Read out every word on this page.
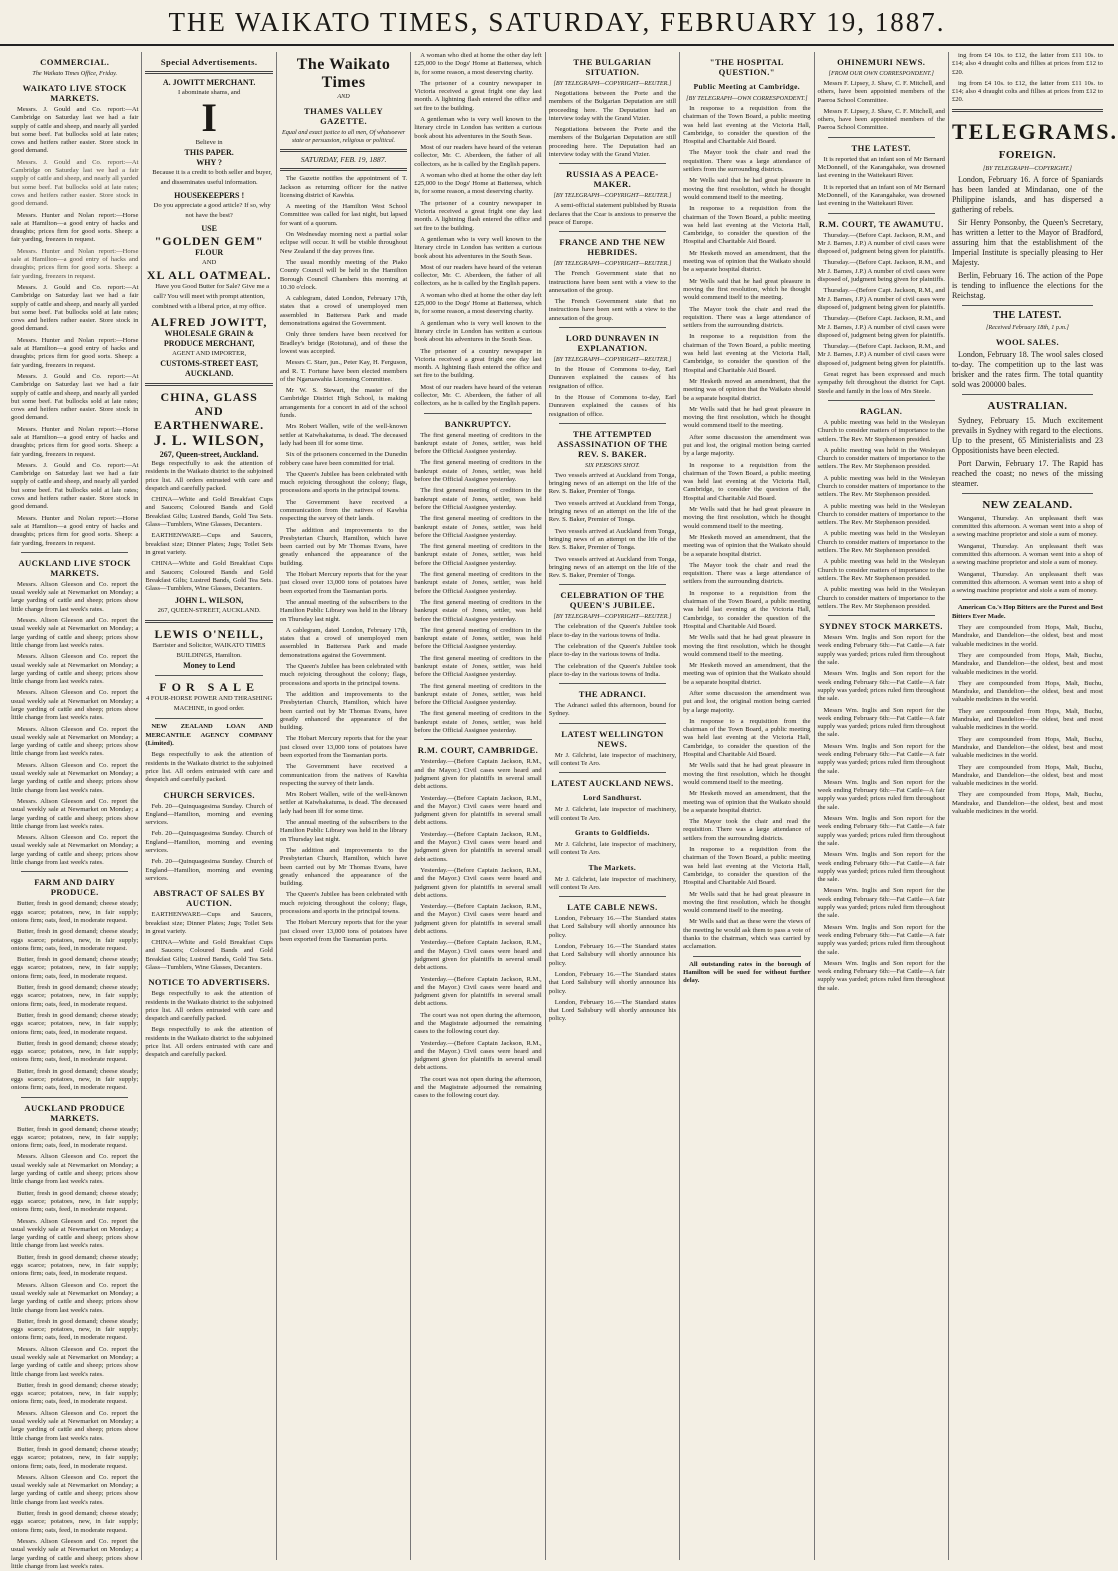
THE WAIKATO TIMES, SATURDAY, FEBRUARY 19, 1887.
COMMERCIAL.
The Waikato Times Office, Friday.
WAIKATO LIVE STOCK MARKETS.

Messrs. J. Gould and Co. report:—At Cambridge on Saturday last we had a fair supply of cattle and sheep, and nearly all yarded but some beef. Fat bullocks sold at late rates; cows and heifers rather easier. Store stock in good demand.

Messrs. J. Gould and Co. report:—At Cambridge on Saturday last we had a fair supply of cattle and sheep, and nearly all yarded but some beef. Fat bullocks sold at late rates; cows and heifers rather easier. Store stock in good demand.

Messrs. Hunter and Nolan report:—Horse sale at Hamilton—a good entry of hacks and draughts; prices firm for good sorts. Sheep: a fair yarding, freezers in request.

Messrs. Hunter and Nolan report:—Horse sale at Hamilton—a good entry of hacks and draughts; prices firm for good sorts. Sheep: a fair yarding, freezers in request.

Messrs. J. Gould and Co. report:—At Cambridge on Saturday last we had a fair supply of cattle and sheep, and nearly all yarded but some beef. Fat bullocks sold at late rates; cows and heifers rather easier. Store stock in good demand.

Messrs. Hunter and Nolan report:—Horse sale at Hamilton—a good entry of hacks and draughts; prices firm for good sorts. Sheep: a fair yarding, freezers in request.

Messrs. J. Gould and Co. report:—At Cambridge on Saturday last we had a fair supply of cattle and sheep, and nearly all yarded but some beef. Fat bullocks sold at late rates; cows and heifers rather easier. Store stock in good demand.

Messrs. Hunter and Nolan report:—Horse sale at Hamilton—a good entry of hacks and draughts; prices firm for good sorts. Sheep: a fair yarding, freezers in request.

Messrs. J. Gould and Co. report:—At Cambridge on Saturday last we had a fair supply of cattle and sheep, and nearly all yarded but some beef. Fat bullocks sold at late rates; cows and heifers rather easier. Store stock in good demand.

Messrs. Hunter and Nolan report:—Horse sale at Hamilton—a good entry of hacks and draughts; prices firm for good sorts. Sheep: a fair yarding, freezers in request.

AUCKLAND LIVE STOCK MARKETS.

Messrs. Alison Gleeson and Co. report the usual weekly sale at Newmarket on Monday; a large yarding of cattle and sheep; prices show little change from last week's rates.

Messrs. Alison Gleeson and Co. report the usual weekly sale at Newmarket on Monday; a large yarding of cattle and sheep; prices show little change from last week's rates.

Messrs. Alison Gleeson and Co. report the usual weekly sale at Newmarket on Monday; a large yarding of cattle and sheep; prices show little change from last week's rates.

Messrs. Alison Gleeson and Co. report the usual weekly sale at Newmarket on Monday; a large yarding of cattle and sheep; prices show little change from last week's rates.

Messrs. Alison Gleeson and Co. report the usual weekly sale at Newmarket on Monday; a large yarding of cattle and sheep; prices show little change from last week's rates.

Messrs. Alison Gleeson and Co. report the usual weekly sale at Newmarket on Monday; a large yarding of cattle and sheep; prices show little change from last week's rates.

Messrs. Alison Gleeson and Co. report the usual weekly sale at Newmarket on Monday; a large yarding of cattle and sheep; prices show little change from last week's rates.

Messrs. Alison Gleeson and Co. report the usual weekly sale at Newmarket on Monday; a large yarding of cattle and sheep; prices show little change from last week's rates.

FARM AND DAIRY PRODUCE.

Butter, fresh in good demand; cheese steady; eggs scarce; potatoes, new, in fair supply; onions firm; oats, feed, in moderate request.

Butter, fresh in good demand; cheese steady; eggs scarce; potatoes, new, in fair supply; onions firm; oats, feed, in moderate request.

Butter, fresh in good demand; cheese steady; eggs scarce; potatoes, new, in fair supply; onions firm; oats, feed, in moderate request.

Butter, fresh in good demand; cheese steady; eggs scarce; potatoes, new, in fair supply; onions firm; oats, feed, in moderate request.

Butter, fresh in good demand; cheese steady; eggs scarce; potatoes, new, in fair supply; onions firm; oats, feed, in moderate request.

Butter, fresh in good demand; cheese steady; eggs scarce; potatoes, new, in fair supply; onions firm; oats, feed, in moderate request.

Butter, fresh in good demand; cheese steady; eggs scarce; potatoes, new, in fair supply; onions firm; oats, feed, in moderate request.

AUCKLAND PRODUCE MARKETS.

Butter, fresh in good demand; cheese steady; eggs scarce; potatoes, new, in fair supply; onions firm; oats, feed, in moderate request.

Messrs. Alison Gleeson and Co. report the usual weekly sale at Newmarket on Monday; a large yarding of cattle and sheep; prices show little change from last week's rates.

Butter, fresh in good demand; cheese steady; eggs scarce; potatoes, new, in fair supply; onions firm; oats, feed, in moderate request.

Messrs. Alison Gleeson and Co. report the usual weekly sale at Newmarket on Monday; a large yarding of cattle and sheep; prices show little change from last week's rates.

Butter, fresh in good demand; cheese steady; eggs scarce; potatoes, new, in fair supply; onions firm; oats, feed, in moderate request.

Messrs. Alison Gleeson and Co. report the usual weekly sale at Newmarket on Monday; a large yarding of cattle and sheep; prices show little change from last week's rates.

Butter, fresh in good demand; cheese steady; eggs scarce; potatoes, new, in fair supply; onions firm; oats, feed, in moderate request.

Messrs. Alison Gleeson and Co. report the usual weekly sale at Newmarket on Monday; a large yarding of cattle and sheep; prices show little change from last week's rates.

Butter, fresh in good demand; cheese steady; eggs scarce; potatoes, new, in fair supply; onions firm; oats, feed, in moderate request.

Messrs. Alison Gleeson and Co. report the usual weekly sale at Newmarket on Monday; a large yarding of cattle and sheep; prices show little change from last week's rates.

Butter, fresh in good demand; cheese steady; eggs scarce; potatoes, new, in fair supply; onions firm; oats, feed, in moderate request.

Messrs. Alison Gleeson and Co. report the usual weekly sale at Newmarket on Monday; a large yarding of cattle and sheep; prices show little change from last week's rates.

Butter, fresh in good demand; cheese steady; eggs scarce; potatoes, new, in fair supply; onions firm; oats, feed, in moderate request.

Messrs. Alison Gleeson and Co. report the usual weekly sale at Newmarket on Monday; a large yarding of cattle and sheep; prices show little change from last week's rates.

Special Advertisements.
A. JOWITT MERCHANT.
I abominate shams, and
I
Believe in
THIS PAPER.
WHY ?

Because it is a credit to both seller and buyer, and disseminates useful information.

HOUSEKEEPERS !

Do you appreciate a good article? If so, why not have the best?

USE
"GOLDEN GEM"
FLOUR
AND
XL ALL OATMEAL.

Have you Good Butter for Sale? Give me a call? You will meet with prompt attention, combined with a liberal price, at my office.

ALFRED JOWITT,
WHOLESALE GRAIN & PRODUCE MERCHANT,
AGENT AND IMPORTER,
CUSTOMS-STREET EAST, AUCKLAND.
CHINA, GLASS AND EARTHENWARE.
J. L. WILSON,
267, Queen-street, Auckland.

Begs respectfully to ask the attention of residents in the Waikato district to the subjoined price list. All orders entrusted with care and despatch and carefully packed.

CHINA—White and Gold Breakfast Cups and Saucers; Coloured Bands and Gold Breakfast Gilts; Lustred Bands, Gold Tea Sets. Glass—Tumblers, Wine Glasses, Decanters.

EARTHENWARE—Cups and Saucers, breakfast size; Dinner Plates; Jugs; Toilet Sets in great variety.

CHINA—White and Gold Breakfast Cups and Saucers; Coloured Bands and Gold Breakfast Gilts; Lustred Bands, Gold Tea Sets. Glass—Tumblers, Wine Glasses, Decanters.

JOHN L. WILSON,
267, QUEEN-STREET, AUCKLAND.
LEWIS O'NEILL,
Barrister and Solicitor, WAIKATO TIMES BUILDINGS, Hamilton.
Money to Lend
FOR SALE
4 FOUR-HORSE POWER AND THRASHING MACHINE, in good order.

NEW ZEALAND LOAN AND MERCANTILE AGENCY COMPANY (Limited).

Begs respectfully to ask the attention of residents in the Waikato district to the subjoined price list. All orders entrusted with care and despatch and carefully packed.

CHURCH SERVICES.

Feb. 20—Quinquagesima Sunday. Church of England—Hamilton, morning and evening services.

Feb. 20—Quinquagesima Sunday. Church of England—Hamilton, morning and evening services.

Feb. 20—Quinquagesima Sunday. Church of England—Hamilton, morning and evening services.

ABSTRACT OF SALES BY AUCTION.

EARTHENWARE—Cups and Saucers, breakfast size; Dinner Plates; Jugs; Toilet Sets in great variety.

CHINA—White and Gold Breakfast Cups and Saucers; Coloured Bands and Gold Breakfast Gilts; Lustred Bands, Gold Tea Sets. Glass—Tumblers, Wine Glasses, Decanters.

NOTICE TO ADVERTISERS.

Begs respectfully to ask the attention of residents in the Waikato district to the subjoined price list. All orders entrusted with care and despatch and carefully packed.

Begs respectfully to ask the attention of residents in the Waikato district to the subjoined price list. All orders entrusted with care and despatch and carefully packed.

The Waikato Times
AND
THAMES VALLEY GAZETTE.
Equal and exact justice to all men, Of whatsoever state or persuasion, religious or political.
SATURDAY, FEB. 19, 1887.

The Gazette notifies the appointment of T. Jackson as returning officer for the native licensing district of Kawhia.

A meeting of the Hamilton West School Committee was called for last night, but lapsed for want of a quorum.

On Wednesday morning next a partial solar eclipse will occur. It will be visible throughout New Zealand if the day proves fine.

The usual monthly meeting of the Piako County Council will be held in the Hamilton Borough Council Chambers this morning at 10.30 o'clock.

A cablegram, dated London, February 17th, states that a crowd of unemployed men assembled in Battersea Park and made demonstrations against the Government.

Only three tenders have been received for Bradley's bridge (Rototuna), and of these the lowest was accepted.

Messrs C. Starr, jun., Peter Kay, H. Ferguson, and R. T. Fortune have been elected members of the Ngaruawahia Licensing Committee.

Mr W. S. Stewart, the master of the Cambridge District High School, is making arrangements for a concert in aid of the school funds.

Mrs Robert Wallen, wife of the well-known settler at Kaiwhakatuma, is dead. The deceased lady had been ill for some time.

Six of the prisoners concerned in the Dunedin robbery case have been committed for trial.

The Queen's Jubilee has been celebrated with much rejoicing throughout the colony; flags, processions and sports in the principal towns.

The Government have received a communication from the natives of Kawhia respecting the survey of their lands.

The addition and improvements to the Presbyterian Church, Hamilton, which have been carried out by Mr Thomas Evans, have greatly enhanced the appearance of the building.

The Hobart Mercury reports that for the year just closed over 13,000 tons of potatoes have been exported from the Tasmanian ports.

The annual meeting of the subscribers to the Hamilton Public Library was held in the library on Thursday last night.

A cablegram, dated London, February 17th, states that a crowd of unemployed men assembled in Battersea Park and made demonstrations against the Government.

The Queen's Jubilee has been celebrated with much rejoicing throughout the colony; flags, processions and sports in the principal towns.

The addition and improvements to the Presbyterian Church, Hamilton, which have been carried out by Mr Thomas Evans, have greatly enhanced the appearance of the building.

The Hobart Mercury reports that for the year just closed over 13,000 tons of potatoes have been exported from the Tasmanian ports.

The Government have received a communication from the natives of Kawhia respecting the survey of their lands.

Mrs Robert Wallen, wife of the well-known settler at Kaiwhakatuma, is dead. The deceased lady had been ill for some time.

The annual meeting of the subscribers to the Hamilton Public Library was held in the library on Thursday last night.

The addition and improvements to the Presbyterian Church, Hamilton, which have been carried out by Mr Thomas Evans, have greatly enhanced the appearance of the building.

The Queen's Jubilee has been celebrated with much rejoicing throughout the colony; flags, processions and sports in the principal towns.

The Hobart Mercury reports that for the year just closed over 13,000 tons of potatoes have been exported from the Tasmanian ports.

A woman who died at home the other day left £25,000 to the Dogs' Home at Battersea, which is, for some reason, a most deserving charity.

The prisoner of a country newspaper in Victoria received a great fright one day last month. A lightning flash entered the office and set fire to the building.

A gentleman who is very well known to the literary circle in London has written a curious book about his adventures in the South Seas.

Most of our readers have heard of the veteran collector, Mr. C. Aberdeen, the father of all collectors, as he is called by the English papers.

A woman who died at home the other day left £25,000 to the Dogs' Home at Battersea, which is, for some reason, a most deserving charity.

The prisoner of a country newspaper in Victoria received a great fright one day last month. A lightning flash entered the office and set fire to the building.

A gentleman who is very well known to the literary circle in London has written a curious book about his adventures in the South Seas.

Most of our readers have heard of the veteran collector, Mr. C. Aberdeen, the father of all collectors, as he is called by the English papers.

A woman who died at home the other day left £25,000 to the Dogs' Home at Battersea, which is, for some reason, a most deserving charity.

A gentleman who is very well known to the literary circle in London has written a curious book about his adventures in the South Seas.

The prisoner of a country newspaper in Victoria received a great fright one day last month. A lightning flash entered the office and set fire to the building.

Most of our readers have heard of the veteran collector, Mr. C. Aberdeen, the father of all collectors, as he is called by the English papers.

BANKRUPTCY.

The first general meeting of creditors in the bankrupt estate of Jones, settler, was held before the Official Assignee yesterday.

The first general meeting of creditors in the bankrupt estate of Jones, settler, was held before the Official Assignee yesterday.

The first general meeting of creditors in the bankrupt estate of Jones, settler, was held before the Official Assignee yesterday.

The first general meeting of creditors in the bankrupt estate of Jones, settler, was held before the Official Assignee yesterday.

The first general meeting of creditors in the bankrupt estate of Jones, settler, was held before the Official Assignee yesterday.

The first general meeting of creditors in the bankrupt estate of Jones, settler, was held before the Official Assignee yesterday.

The first general meeting of creditors in the bankrupt estate of Jones, settler, was held before the Official Assignee yesterday.

The first general meeting of creditors in the bankrupt estate of Jones, settler, was held before the Official Assignee yesterday.

The first general meeting of creditors in the bankrupt estate of Jones, settler, was held before the Official Assignee yesterday.

The first general meeting of creditors in the bankrupt estate of Jones, settler, was held before the Official Assignee yesterday.

The first general meeting of creditors in the bankrupt estate of Jones, settler, was held before the Official Assignee yesterday.

R.M. COURT, CAMBRIDGE.

Yesterday.—(Before Captain Jackson, R.M., and the Mayor.) Civil cases were heard and judgment given for plaintiffs in several small debt actions.

Yesterday.—(Before Captain Jackson, R.M., and the Mayor.) Civil cases were heard and judgment given for plaintiffs in several small debt actions.

Yesterday.—(Before Captain Jackson, R.M., and the Mayor.) Civil cases were heard and judgment given for plaintiffs in several small debt actions.

Yesterday.—(Before Captain Jackson, R.M., and the Mayor.) Civil cases were heard and judgment given for plaintiffs in several small debt actions.

Yesterday.—(Before Captain Jackson, R.M., and the Mayor.) Civil cases were heard and judgment given for plaintiffs in several small debt actions.

Yesterday.—(Before Captain Jackson, R.M., and the Mayor.) Civil cases were heard and judgment given for plaintiffs in several small debt actions.

Yesterday.—(Before Captain Jackson, R.M., and the Mayor.) Civil cases were heard and judgment given for plaintiffs in several small debt actions.

The court was not open during the afternoon, and the Magistrate adjourned the remaining cases to the following court day.

Yesterday.—(Before Captain Jackson, R.M., and the Mayor.) Civil cases were heard and judgment given for plaintiffs in several small debt actions.

The court was not open during the afternoon, and the Magistrate adjourned the remaining cases to the following court day.

THE BULGARIAN SITUATION.
[BY TELEGRAPH—COPYRIGHT—REUTER.]

Negotiations between the Porte and the members of the Bulgarian Deputation are still proceeding here. The Deputation had an interview today with the Grand Vizier.

Negotiations between the Porte and the members of the Bulgarian Deputation are still proceeding here. The Deputation had an interview today with the Grand Vizier.

RUSSIA AS A PEACE-MAKER.
[BY TELEGRAPH—COPYRIGHT—REUTER.]

A semi-official statement published by Russia declares that the Czar is anxious to preserve the peace of Europe.

FRANCE AND THE NEW HEBRIDES.
[BY TELEGRAPH—COPYRIGHT—REUTER.]

The French Government state that no instructions have been sent with a view to the annexation of the group.

The French Government state that no instructions have been sent with a view to the annexation of the group.

LORD DUNRAVEN IN EXPLANATION.
[BY TELEGRAPH—COPYRIGHT—REUTER.]

In the House of Commons to-day, Earl Dunraven explained the causes of his resignation of office.

In the House of Commons to-day, Earl Dunraven explained the causes of his resignation of office.

THE ATTEMPTED ASSASSINATION OF THE REV. S. BAKER.
SIX PERSONS SHOT.

Two vessels arrived at Auckland from Tonga, bringing news of an attempt on the life of the Rev. S. Baker, Premier of Tonga.

Two vessels arrived at Auckland from Tonga, bringing news of an attempt on the life of the Rev. S. Baker, Premier of Tonga.

Two vessels arrived at Auckland from Tonga, bringing news of an attempt on the life of the Rev. S. Baker, Premier of Tonga.

Two vessels arrived at Auckland from Tonga, bringing news of an attempt on the life of the Rev. S. Baker, Premier of Tonga.

CELEBRATION OF THE QUEEN'S JUBILEE.
[BY TELEGRAPH—COPYRIGHT—REUTER.]

The celebration of the Queen's Jubilee took place to-day in the various towns of India.

The celebration of the Queen's Jubilee took place to-day in the various towns of India.

The celebration of the Queen's Jubilee took place to-day in the various towns of India.

THE ADRANCI.

The Adranci sailed this afternoon, bound for Sydney.

LATEST WELLINGTON NEWS.

Mr J. Gilchrist, late inspector of machinery, will contest Te Aro.

LATEST AUCKLAND NEWS.
Lord Sandhurst.

Mr J. Gilchrist, late inspector of machinery, will contest Te Aro.

Grants to Goldfields.

Mr J. Gilchrist, late inspector of machinery, will contest Te Aro.

The Markets.

Mr J. Gilchrist, late inspector of machinery, will contest Te Aro.

LATE CABLE NEWS.

London, February 16.—The Standard states that Lord Salisbury will shortly announce his policy.

London, February 16.—The Standard states that Lord Salisbury will shortly announce his policy.

London, February 16.—The Standard states that Lord Salisbury will shortly announce his policy.

London, February 16.—The Standard states that Lord Salisbury will shortly announce his policy.

"THE HOSPITAL QUESTION."
Public Meeting at Cambridge.
[BY TELEGRAPH—OWN CORRESPONDENT.]

In response to a requisition from the chairman of the Town Board, a public meeting was held last evening at the Victoria Hall, Cambridge, to consider the question of the Hospital and Charitable Aid Board.

The Mayor took the chair and read the requisition. There was a large attendance of settlers from the surrounding districts.

Mr Wells said that he had great pleasure in moving the first resolution, which he thought would commend itself to the meeting.

In response to a requisition from the chairman of the Town Board, a public meeting was held last evening at the Victoria Hall, Cambridge, to consider the question of the Hospital and Charitable Aid Board.

Mr Hesketh moved an amendment, that the meeting was of opinion that the Waikato should be a separate hospital district.

Mr Wells said that he had great pleasure in moving the first resolution, which he thought would commend itself to the meeting.

The Mayor took the chair and read the requisition. There was a large attendance of settlers from the surrounding districts.

In response to a requisition from the chairman of the Town Board, a public meeting was held last evening at the Victoria Hall, Cambridge, to consider the question of the Hospital and Charitable Aid Board.

Mr Hesketh moved an amendment, that the meeting was of opinion that the Waikato should be a separate hospital district.

Mr Wells said that he had great pleasure in moving the first resolution, which he thought would commend itself to the meeting.

After some discussion the amendment was put and lost, the original motion being carried by a large majority.

In response to a requisition from the chairman of the Town Board, a public meeting was held last evening at the Victoria Hall, Cambridge, to consider the question of the Hospital and Charitable Aid Board.

Mr Wells said that he had great pleasure in moving the first resolution, which he thought would commend itself to the meeting.

Mr Hesketh moved an amendment, that the meeting was of opinion that the Waikato should be a separate hospital district.

The Mayor took the chair and read the requisition. There was a large attendance of settlers from the surrounding districts.

In response to a requisition from the chairman of the Town Board, a public meeting was held last evening at the Victoria Hall, Cambridge, to consider the question of the Hospital and Charitable Aid Board.

Mr Wells said that he had great pleasure in moving the first resolution, which he thought would commend itself to the meeting.

Mr Hesketh moved an amendment, that the meeting was of opinion that the Waikato should be a separate hospital district.

After some discussion the amendment was put and lost, the original motion being carried by a large majority.

In response to a requisition from the chairman of the Town Board, a public meeting was held last evening at the Victoria Hall, Cambridge, to consider the question of the Hospital and Charitable Aid Board.

Mr Wells said that he had great pleasure in moving the first resolution, which he thought would commend itself to the meeting.

Mr Hesketh moved an amendment, that the meeting was of opinion that the Waikato should be a separate hospital district.

The Mayor took the chair and read the requisition. There was a large attendance of settlers from the surrounding districts.

In response to a requisition from the chairman of the Town Board, a public meeting was held last evening at the Victoria Hall, Cambridge, to consider the question of the Hospital and Charitable Aid Board.

Mr Wells said that he had great pleasure in moving the first resolution, which he thought would commend itself to the meeting.

Mr Wells said that as these were the views of the meeting he would ask them to pass a vote of thanks to the chairman, which was carried by acclamation.

All outstanding rates in the borough of Hamilton will be sued for without further delay.

OHINEMURI NEWS.
[FROM OUR OWN CORRESPONDENT.]

Messrs F. Lipsey, J. Shaw, C. F. Mitchell, and others, have been appointed members of the Paeroa School Committee.

Messrs F. Lipsey, J. Shaw, C. F. Mitchell, and others, have been appointed members of the Paeroa School Committee.

THE LATEST.

It is reported that an infant son of Mr Bernard McDonnell, of the Karangahake, was drowned last evening in the Waitekauri River.

It is reported that an infant son of Mr Bernard McDonnell, of the Karangahake, was drowned last evening in the Waitekauri River.

R.M. COURT, TE AWAMUTU.

Thursday.—(Before Capt. Jackson, R.M., and Mr J. Barnes, J.P.) A number of civil cases were disposed of, judgment being given for plaintiffs.

Thursday.—(Before Capt. Jackson, R.M., and Mr J. Barnes, J.P.) A number of civil cases were disposed of, judgment being given for plaintiffs.

Thursday.—(Before Capt. Jackson, R.M., and Mr J. Barnes, J.P.) A number of civil cases were disposed of, judgment being given for plaintiffs.

Thursday.—(Before Capt. Jackson, R.M., and Mr J. Barnes, J.P.) A number of civil cases were disposed of, judgment being given for plaintiffs.

Thursday.—(Before Capt. Jackson, R.M., and Mr J. Barnes, J.P.) A number of civil cases were disposed of, judgment being given for plaintiffs.

Great regret has been expressed and much sympathy felt throughout the district for Capt. Steele and family in the loss of Mrs Steele.

RAGLAN.

A public meeting was held in the Wesleyan Church to consider matters of importance to the settlers. The Rev. Mr Stephenson presided.

A public meeting was held in the Wesleyan Church to consider matters of importance to the settlers. The Rev. Mr Stephenson presided.

A public meeting was held in the Wesleyan Church to consider matters of importance to the settlers. The Rev. Mr Stephenson presided.

A public meeting was held in the Wesleyan Church to consider matters of importance to the settlers. The Rev. Mr Stephenson presided.

A public meeting was held in the Wesleyan Church to consider matters of importance to the settlers. The Rev. Mr Stephenson presided.

A public meeting was held in the Wesleyan Church to consider matters of importance to the settlers. The Rev. Mr Stephenson presided.

A public meeting was held in the Wesleyan Church to consider matters of importance to the settlers. The Rev. Mr Stephenson presided.

SYDNEY STOCK MARKETS.

Messrs Wm. Inglis and Son report for the week ending February 6th:—Fat Cattle—A fair supply was yarded; prices ruled firm throughout the sale.

Messrs Wm. Inglis and Son report for the week ending February 6th:—Fat Cattle—A fair supply was yarded; prices ruled firm throughout the sale.

Messrs Wm. Inglis and Son report for the week ending February 6th:—Fat Cattle—A fair supply was yarded; prices ruled firm throughout the sale.

Messrs Wm. Inglis and Son report for the week ending February 6th:—Fat Cattle—A fair supply was yarded; prices ruled firm throughout the sale.

Messrs Wm. Inglis and Son report for the week ending February 6th:—Fat Cattle—A fair supply was yarded; prices ruled firm throughout the sale.

Messrs Wm. Inglis and Son report for the week ending February 6th:—Fat Cattle—A fair supply was yarded; prices ruled firm throughout the sale.

Messrs Wm. Inglis and Son report for the week ending February 6th:—Fat Cattle—A fair supply was yarded; prices ruled firm throughout the sale.

Messrs Wm. Inglis and Son report for the week ending February 6th:—Fat Cattle—A fair supply was yarded; prices ruled firm throughout the sale.

Messrs Wm. Inglis and Son report for the week ending February 6th:—Fat Cattle—A fair supply was yarded; prices ruled firm throughout the sale.

Messrs Wm. Inglis and Son report for the week ending February 6th:—Fat Cattle—A fair supply was yarded; prices ruled firm throughout the sale.

ing from £4 10s. to £12, the latter from £11 10s. to £14; also 4 draught colts and fillies at prices from £12 to £20.

ing from £4 10s. to £12, the latter from £11 10s. to £14; also 4 draught colts and fillies at prices from £12 to £20.

TELEGRAMS.
FOREIGN.
[BY TELEGRAPH—COPYRIGHT.]

London, February 16. A force of Spaniards has been landed at Mindanao, one of the Philippine islands, and has dispersed a gathering of rebels.

Sir Henry Ponsonby, the Queen's Secretary, has written a letter to the Mayor of Bradford, assuring him that the establishment of the Imperial Institute is specially pleasing to Her Majesty.

Berlin, February 16. The action of the Pope is tending to influence the elections for the Reichstag.

THE LATEST.
[Received February 18th, 1 p.m.]
WOOL SALES.

London, February 18. The wool sales closed to-day. The competition up to the last was brisker and the rates firm. The total quantity sold was 200000 bales.

AUSTRALIAN.

Sydney, February 15. Much excitement prevails in Sydney with regard to the elections. Up to the present, 65 Ministerialists and 23 Oppositionists have been elected.

Port Darwin, February 17. The Rapid has reached the coast; no news of the missing steamer.

NEW ZEALAND.

Wanganui, Thursday. An unpleasant theft was committed this afternoon. A woman went into a shop of a sewing machine proprietor and stole a sum of money.

Wanganui, Thursday. An unpleasant theft was committed this afternoon. A woman went into a shop of a sewing machine proprietor and stole a sum of money.

Wanganui, Thursday. An unpleasant theft was committed this afternoon. A woman went into a shop of a sewing machine proprietor and stole a sum of money.

American Co.'s Hop Bitters are the Purest and Best Bitters Ever Made.

They are compounded from Hops, Malt, Buchu, Mandrake, and Dandelion—the oldest, best and most valuable medicines in the world.

They are compounded from Hops, Malt, Buchu, Mandrake, and Dandelion—the oldest, best and most valuable medicines in the world.

They are compounded from Hops, Malt, Buchu, Mandrake, and Dandelion—the oldest, best and most valuable medicines in the world.

They are compounded from Hops, Malt, Buchu, Mandrake, and Dandelion—the oldest, best and most valuable medicines in the world.

They are compounded from Hops, Malt, Buchu, Mandrake, and Dandelion—the oldest, best and most valuable medicines in the world.

They are compounded from Hops, Malt, Buchu, Mandrake, and Dandelion—the oldest, best and most valuable medicines in the world.

They are compounded from Hops, Malt, Buchu, Mandrake, and Dandelion—the oldest, best and most valuable medicines in the world.
